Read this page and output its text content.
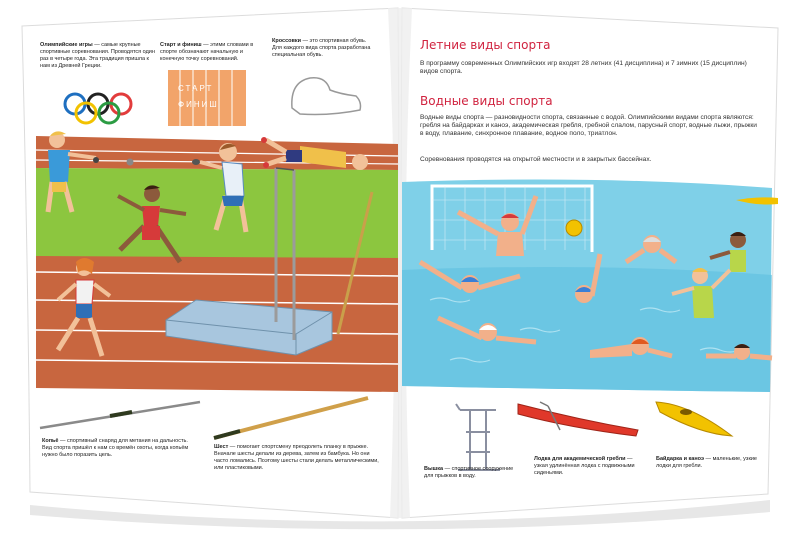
Олимпийские игры — самые крупные спортивные соревнования. Проводятся один раз в четыре года. Эта традиция пришла к нам из Древней Греции.
Старт и финиш — этими словами в спорте обозначают начальную и конечную точку соревнований.
Кроссовки — это спортивная обувь. Для каждого вида спорта разработана специальная обувь.
СТАРТ
ФИНИШ
Копьё — спортивный снаряд для метания на дальность. Вид спорта пришёл к нам со времён охоты, когда копьём нужно было поразить цель.
Шест — помогает спортсмену преодолеть планку в прыжке. Вначале шесты делали из дерева, затем из бамбука. Но они часто ломались. Поэтому шесты стали делать металлическими, или пластиковыми.
Летние виды спорта
В программу современных Олимпийских игр входят 28 летних (41 дисциплина) и 7 зимних (15 дисциплин) видов спорта.
Водные виды спорта
Водные виды спорта — разновидности спорта, связанные с водой. Олимпийскими видами спорта являются: гребля на байдарках и каноэ, академическая гребля, гребной слалом, парусный спорт, водные лыжи, прыжки в воду, плавание, синхронное плавание, водное поло, триатлон.
Соревнования проводятся на открытой местности и в закрытых бассейнах.
Вышка — спортивное сооружение для прыжков в воду.
Лодка для академической гребли — узкая удлинённая лодка с подвижными сиденьями.
Байдарка и каноэ — маленькие, узкие лодки для гребли.
